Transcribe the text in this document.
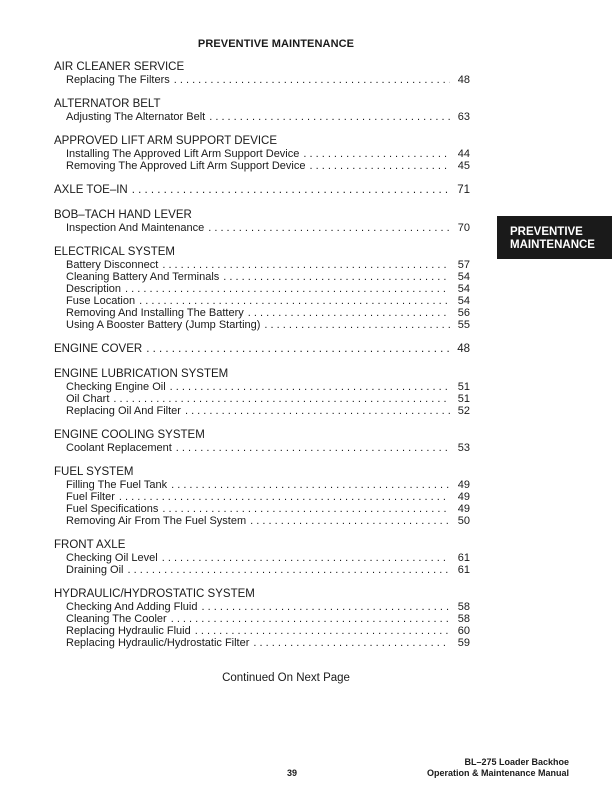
PREVENTIVE MAINTENANCE
AIR CLEANER SERVICE
Replacing The Filters . . .	48
ALTERNATOR BELT
Adjusting The Alternator Belt . . .	63
APPROVED LIFT ARM SUPPORT DEVICE
Installing The Approved Lift Arm Support Device . . .	44
Removing The Approved Lift Arm Support Device . . .	45
AXLE TOE–IN . . .	71
BOB–TACH HAND LEVER
Inspection And Maintenance . . .	70
ELECTRICAL SYSTEM
Battery Disconnect . . .	57
Cleaning Battery And Terminals . . .	54
Description . . .	54
Fuse Location . . .	54
Removing And Installing The Battery . . .	56
Using A Booster Battery (Jump Starting) . . .	55
ENGINE COVER . . .	48
ENGINE LUBRICATION SYSTEM
Checking Engine Oil . . .	51
Oil Chart . . .	51
Replacing Oil And Filter . . .	52
ENGINE COOLING SYSTEM
Coolant Replacement . . .	53
FUEL SYSTEM
Filling The Fuel Tank . . .	49
Fuel Filter . . .	49
Fuel Specifications . . .	49
Removing Air From The Fuel System . . .	50
FRONT AXLE
Checking Oil Level . . .	61
Draining Oil . . .	61
HYDRAULIC/HYDROSTATIC SYSTEM
Checking And Adding Fluid . . .	58
Cleaning The Cooler . . .	58
Replacing Hydraulic Fluid . . .	60
Replacing Hydraulic/Hydrostatic Filter . . .	59
Continued On Next Page
PREVENTIVE
MAINTENANCE
39
BL–275 Loader Backhoe
Operation & Maintenance Manual
